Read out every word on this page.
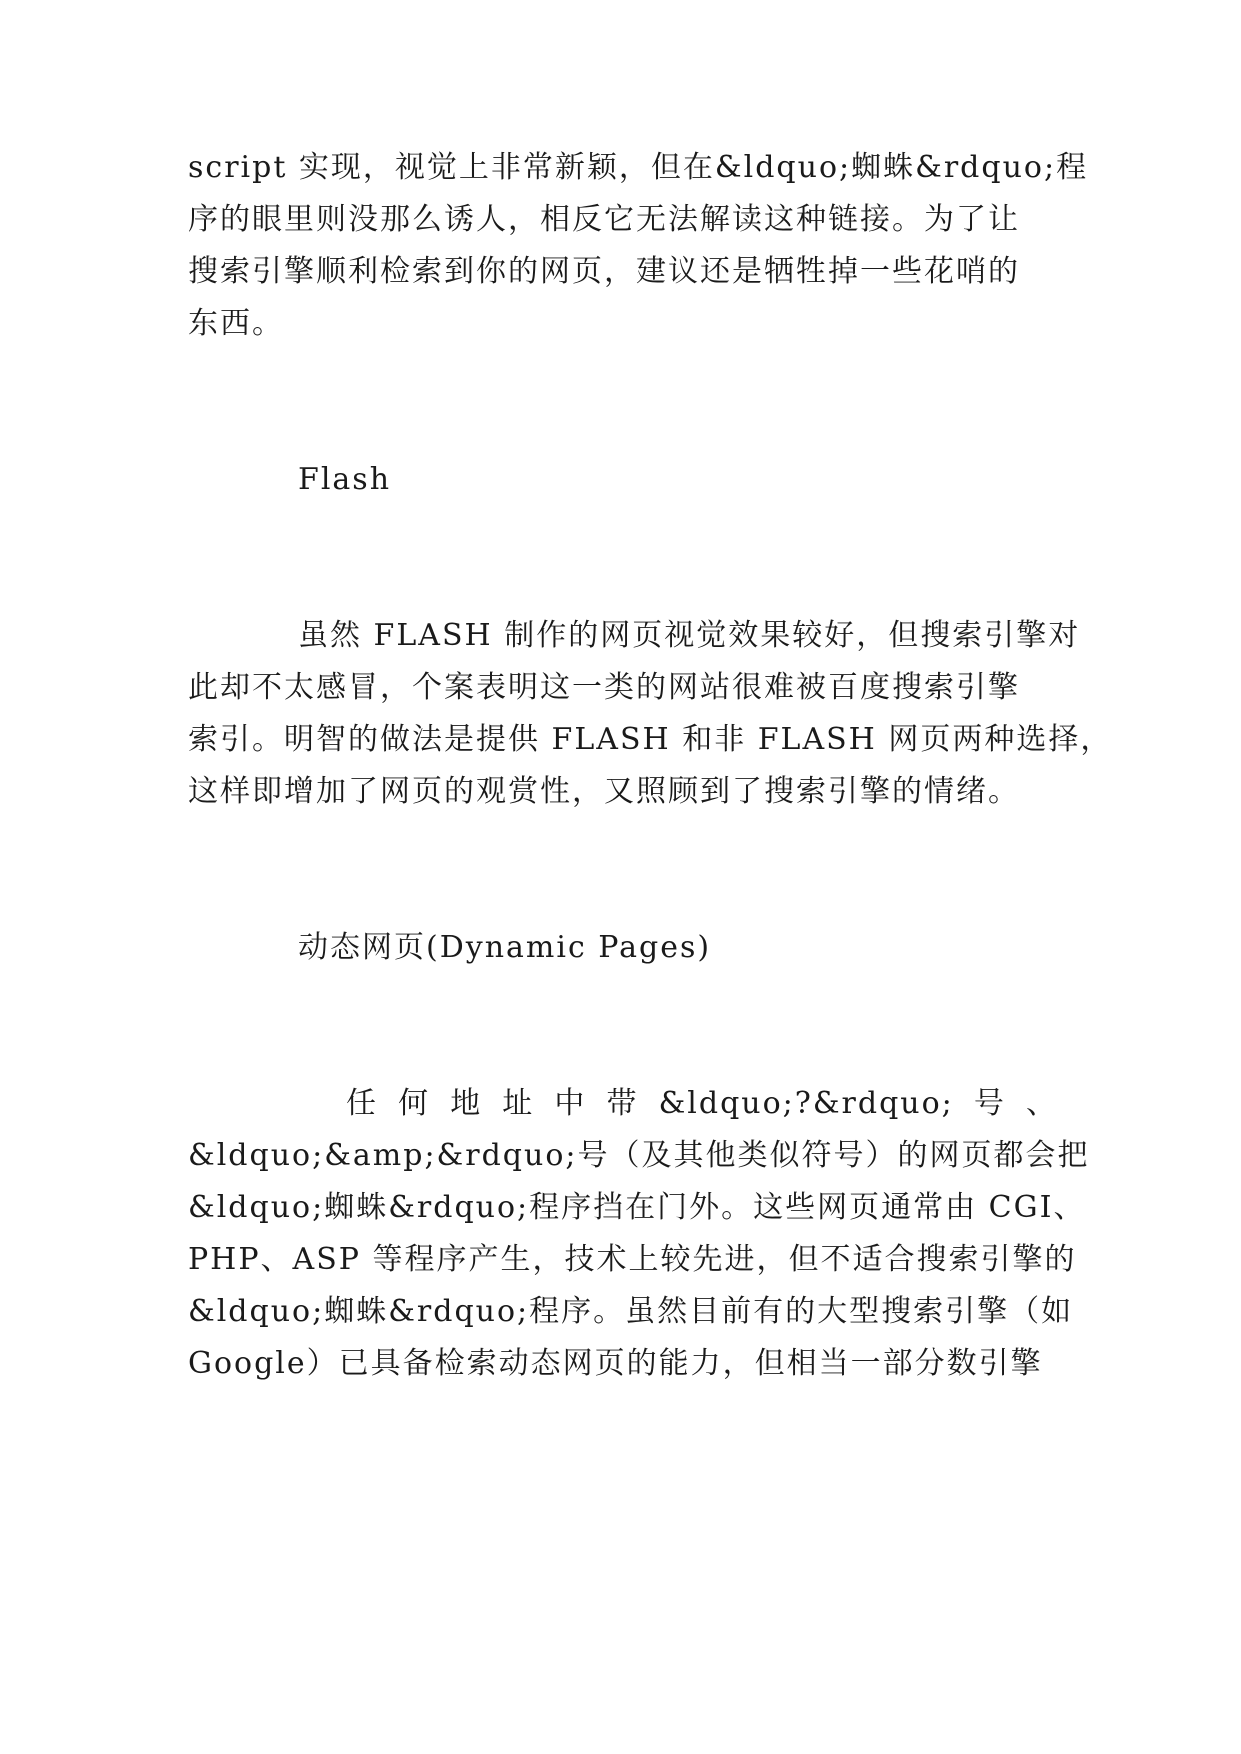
script 实现，视觉上非常新颖，但在&ldquo;蜘蛛&rdquo;程
序的眼里则没那么诱人，相反它无法解读这种链接。为了让
搜索引擎顺利检索到你的网页，建议还是牺牲掉一些花哨的
东西。
Flash
虽然 FLASH 制作的网页视觉效果较好，但搜索引擎对
此却不太感冒，个案表明这一类的网站很难被百度搜索引擎
索引。明智的做法是提供 FLASH 和非 FLASH 网页两种选择，
这样即增加了网页的观赏性，又照顾到了搜索引擎的情绪。
动态网页(Dynamic Pages)
任 何 地 址 中 带 &ldquo;?&rdquo; 号 、
&ldquo;&amp;&rdquo;号（及其他类似符号）的网页都会把
&ldquo;蜘蛛&rdquo;程序挡在门外。这些网页通常由 CGI、
PHP、ASP 等程序产生，技术上较先进，但不适合搜索引擎的
&ldquo;蜘蛛&rdquo;程序。虽然目前有的大型搜索引擎（如
Google）已具备检索动态网页的能力，但相当一部分数引擎
